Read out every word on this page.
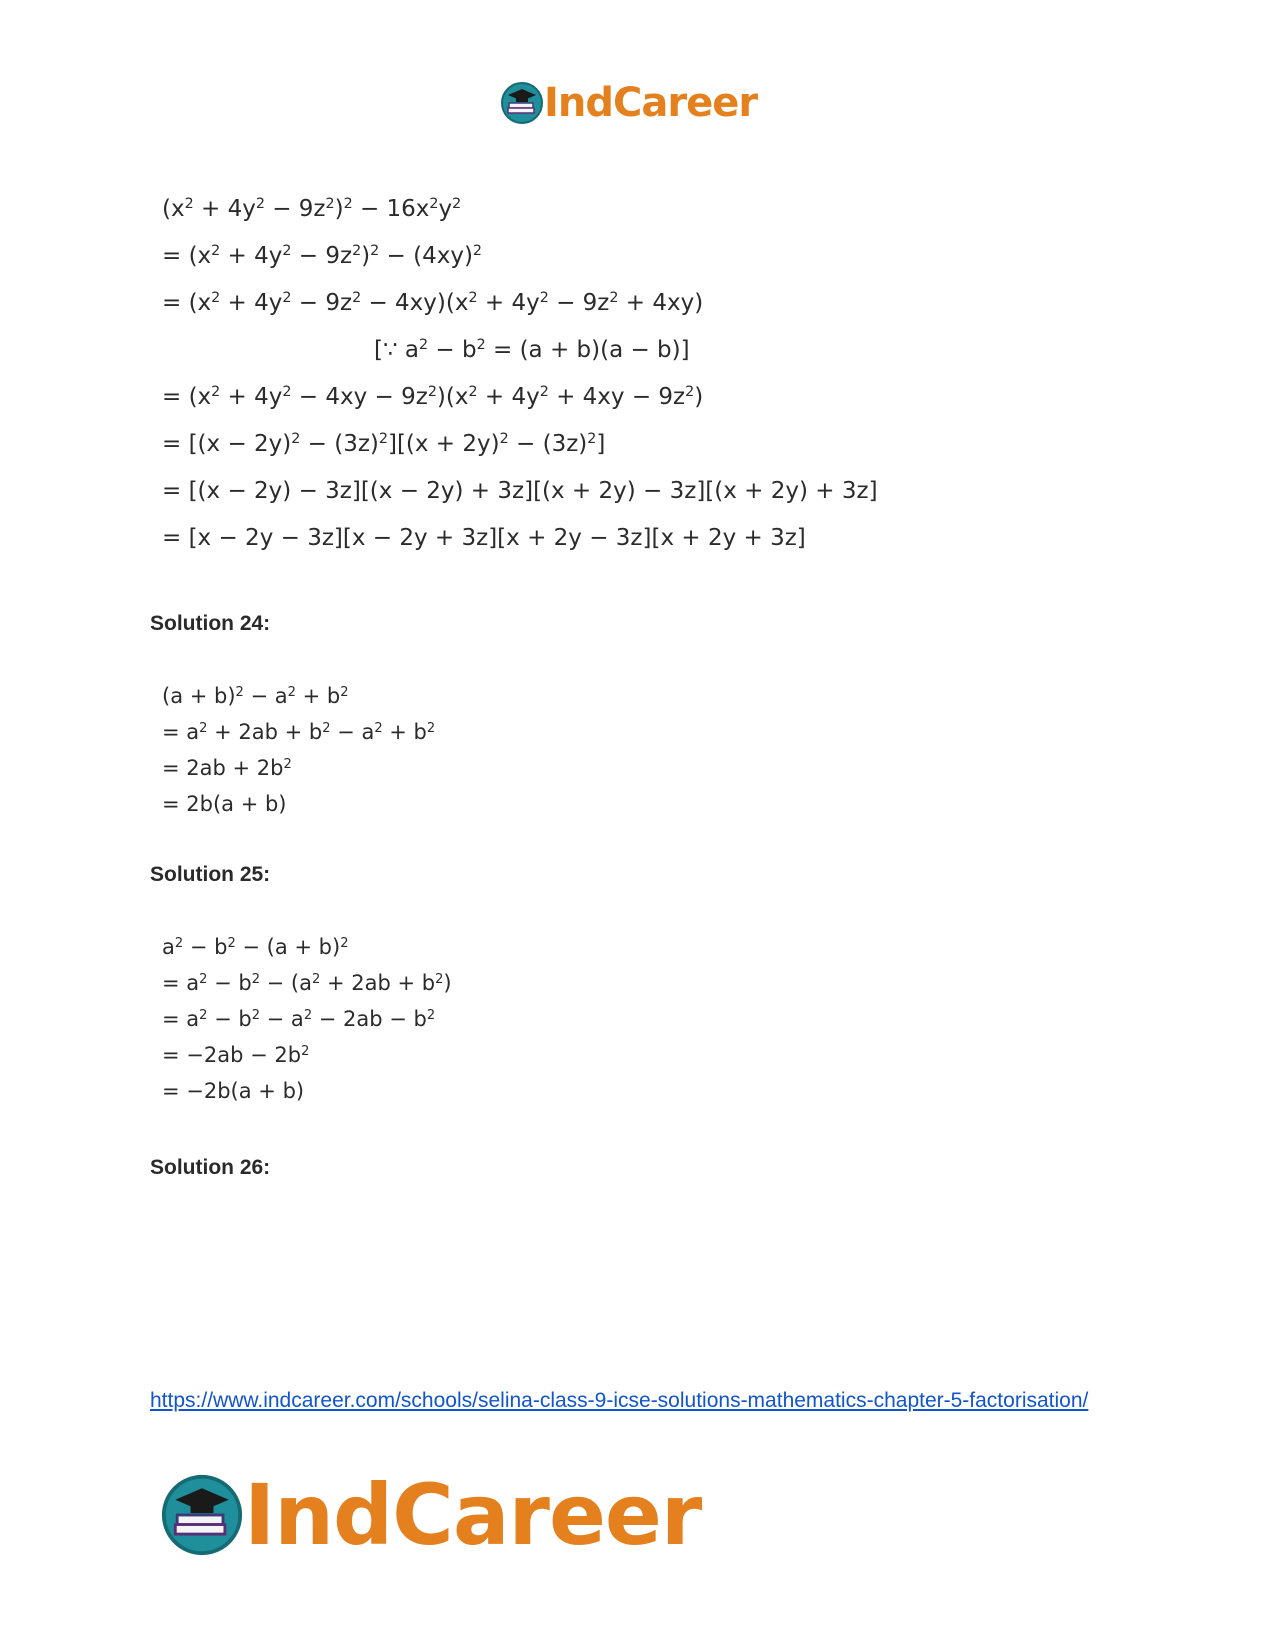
IndCareer
$(x^2 + 4y^2 - 9z^2)^2 - 16x^2y^2$
= $(x^2 + 4y^2 - 9z^2)^2 - (4xy)^2$
= $(x^2 + 4y^2 - 9z^2 - 4xy)(x^2 + 4y^2 - 9z^2 + 4xy)$
[∵ $a^2 - b^2 = (a + b)(a - b)$]
= $(x^2 + 4y^2 - 4xy - 9z^2)(x^2 + 4y^2 + 4xy - 9z^2)$
= $[(x - 2y)^2 - (3z)^2][(x + 2y)^2 - (3z)^2]$
= [(x − 2y) − 3z][(x − 2y) + 3z][(x + 2y) − 3z][(x + 2y) + 3z]
= [x − 2y − 3z][x − 2y + 3z][x + 2y − 3z][x + 2y + 3z]
Solution 24:
$(a + b)^2 - a^2 + b^2$
= $a^2 + 2ab + b^2 - a^2 + b^2$
= $2ab + 2b^2$
= 2b(a + b)
Solution 25:
$a^2 - b^2 - (a + b)^2$
= $a^2 - b^2 - (a^2 + 2ab + b^2)$
= $a^2 - b^2 - a^2 - 2ab - b^2$
= $-2ab - 2b^2$
= −2b(a + b)
Solution 26:
https://www.indcareer.com/schools/selina-class-9-icse-solutions-mathematics-chapter-5-factorisation/
IndCareer
